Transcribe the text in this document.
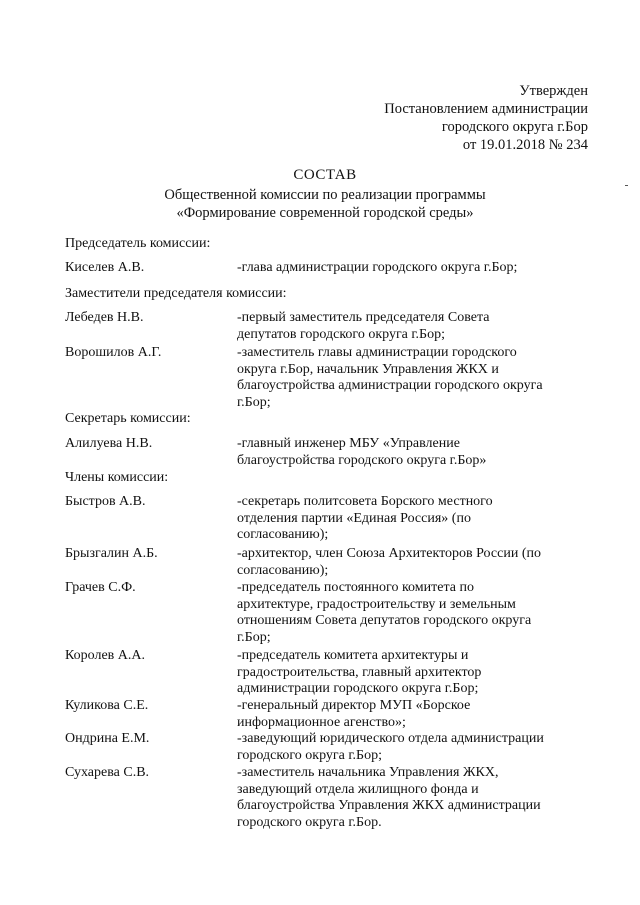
Утвержден
Постановлением администрации
городского округа г.Бор
от 19.01.2018 № 234
СОСТАВ
Общественной комиссии по реализации программы
«Формирование современной городской среды»
Председатель комиссии:
Киселев А.В.	-глава администрации городского округа г.Бор;
Заместители председателя комиссии:
Лебедев Н.В.	-первый заместитель председателя Совета
депутатов городского округа г.Бор;
Ворошилов А.Г.	-заместитель главы администрации городского
округа г.Бор, начальник Управления ЖКХ и
благоустройства администрации городского округа
г.Бор;
Секретарь комиссии:
Алилуева Н.В.	-главный инженер МБУ «Управление
благоустройства городского округа г.Бор»
Члены комиссии:
Быстров А.В.	-секретарь политсовета Борского местного
отделения партии «Единая Россия» (по
согласованию);
Брызгалин А.Б.	-архитектор, член Союза Архитекторов России (по
согласованию);
Грачев С.Ф.	-председатель постоянного комитета по
архитектуре, градостроительству и земельным
отношениям Совета депутатов городского округа
г.Бор;
Королев А.А.	-председатель комитета архитектуры и
градостроительства, главный архитектор
администрации городского округа г.Бор;
Куликова С.Е.	-генеральный директор МУП «Борское
информационное агенство»;
Ондрина Е.М.	-заведующий юридического отдела администрации
городского округа г.Бор;
Сухарева С.В.	-заместитель начальника Управления ЖКХ,
заведующий отдела жилищного фонда и
благоустройства Управления ЖКХ администрации
городского округа г.Бор.
